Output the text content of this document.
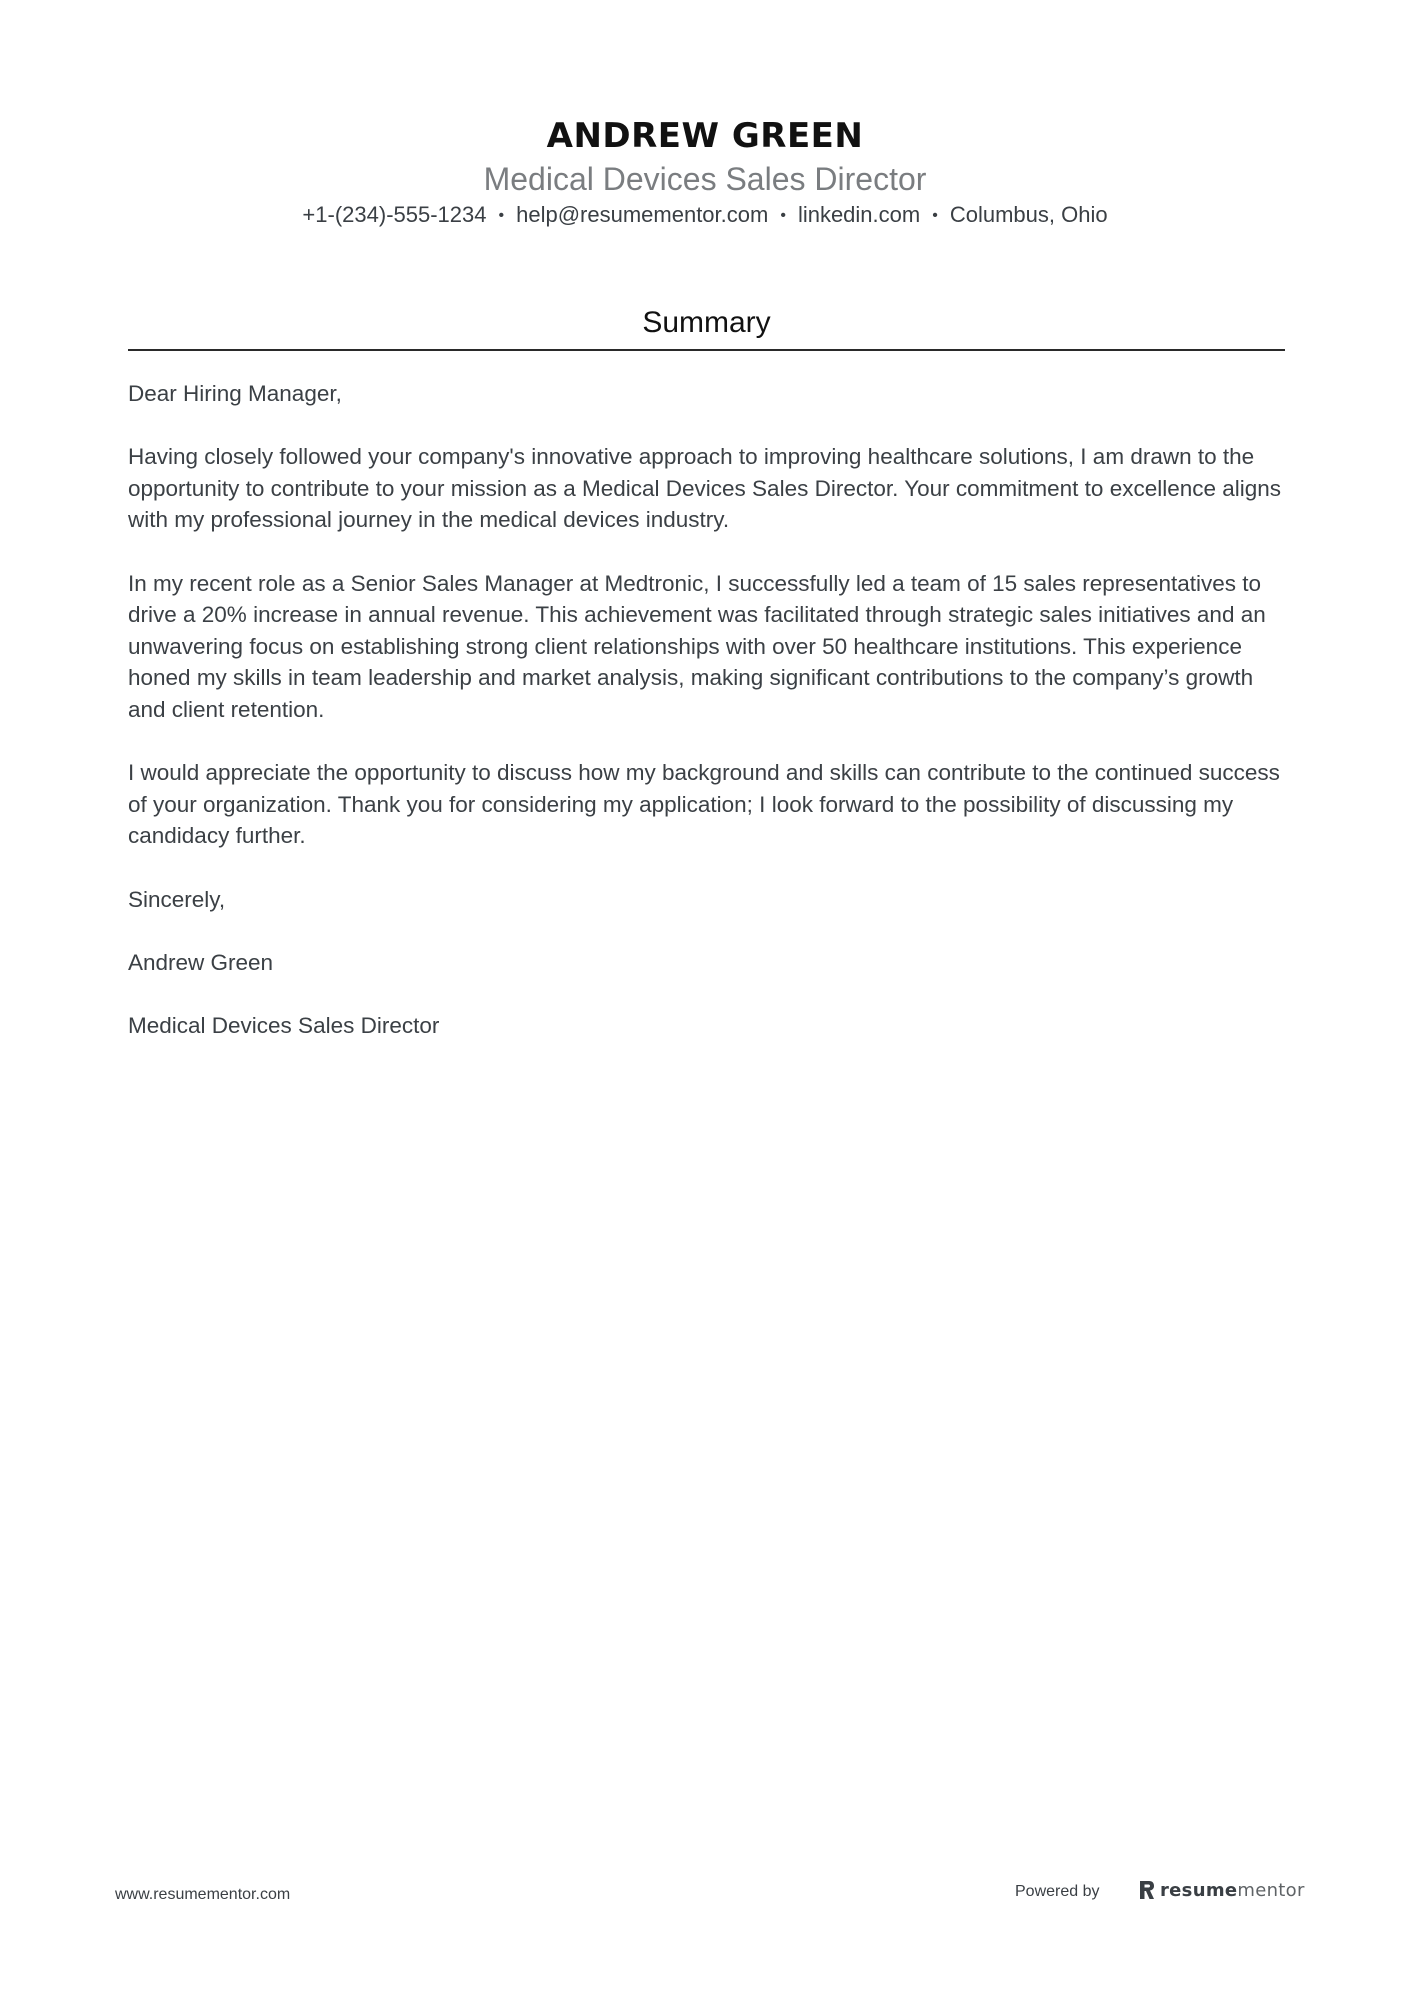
ANDREW GREEN
Medical Devices Sales Director
+1-(234)-555-1234 • help@resumementor.com • linkedin.com • Columbus, Ohio
Summary

Dear Hiring Manager,

Having closely followed your company's innovative approach to improving healthcare solutions, I am drawn to the opportunity to contribute to your mission as a Medical Devices Sales Director. Your commitment to excellence aligns with my professional journey in the medical devices industry.

In my recent role as a Senior Sales Manager at Medtronic, I successfully led a team of 15 sales representatives to drive a 20% increase in annual revenue. This achievement was facilitated through strategic sales initiatives and an unwavering focus on establishing strong client relationships with over 50 healthcare institutions. This experience honed my skills in team leadership and market analysis, making significant contributions to the company’s growth and client retention.

I would appreciate the opportunity to discuss how my background and skills can contribute to the continued success of your organization. Thank you for considering my application; I look forward to the possibility of discussing my candidacy further.

Sincerely,

Andrew Green

Medical Devices Sales Director

www.resumementor.com	Powered by	resumementor
